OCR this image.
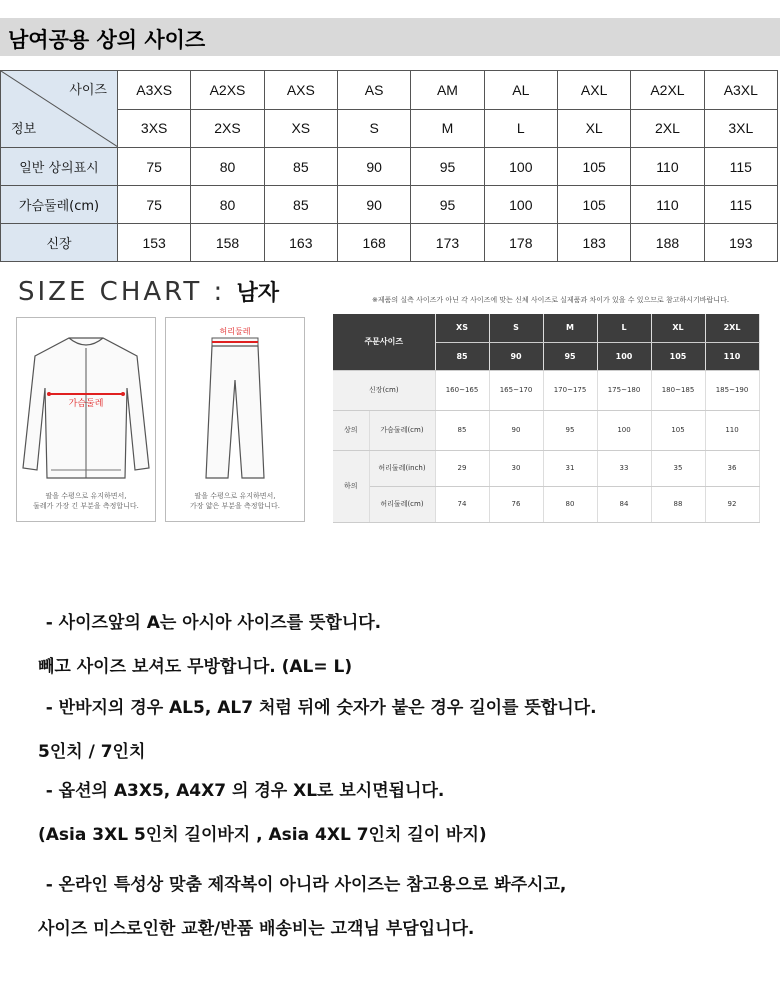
남여공용 상의 사이즈
사이즈
정보	A3XS	A2XS	AXS	AS	AM	AL	AXL	A2XL	A3XL
	3XS	2XS	XS	S	M	L	XL	2XL	3XL
일반 상의표시	75	80	85	90	95	100	105	110	115
가슴둘레(cm)	75	80	85	90	95	100	105	110	115
신장	153	158	163	168	173	178	183	188	193
SIZE CHART : 남자	※제품의 실측 사이즈가 아닌 각 사이즈에 맞는 신체 사이즈로 실제품과 차이가 있을 수 있으므로 참고하시기바랍니다.
가슴둘레
팔을 수평으로 유지하면서,
둘레가 가장 긴 부분을 측정합니다.
허리둘레
팔을 수평으로 유지하면서,
가장 얇은 부분을 측정합니다.
주문사이즈		XS	S	M	L	XL	2XL
		85	90	95	100	105	110
신장(cm)		160~165	165~170	170~175	175~180	180~185	185~190
상의	가슴둘레(cm)	85	90	95	100	105	110
하의	허리둘레(inch)	29	30	31	33	35	36
	허리둘레(cm)	74	76	80	84	88	92

- 사이즈앞의 A는 아시아 사이즈를 뜻합니다.

빼고 사이즈 보셔도 무방합니다. (AL= L)

- 반바지의 경우 AL5, AL7 처럼 뒤에 숫자가 붙은 경우 길이를 뜻합니다.

5인치 / 7인치

- 옵션의 A3X5, A4X7 의 경우 XL로 보시면됩니다.

(Asia 3XL 5인치 길이바지 , Asia 4XL 7인치 길이 바지)

- 온라인 특성상 맞춤 제작복이 아니라 사이즈는 참고용으로 봐주시고,

사이즈 미스로인한 교환/반품 배송비는 고객님 부담입니다.
